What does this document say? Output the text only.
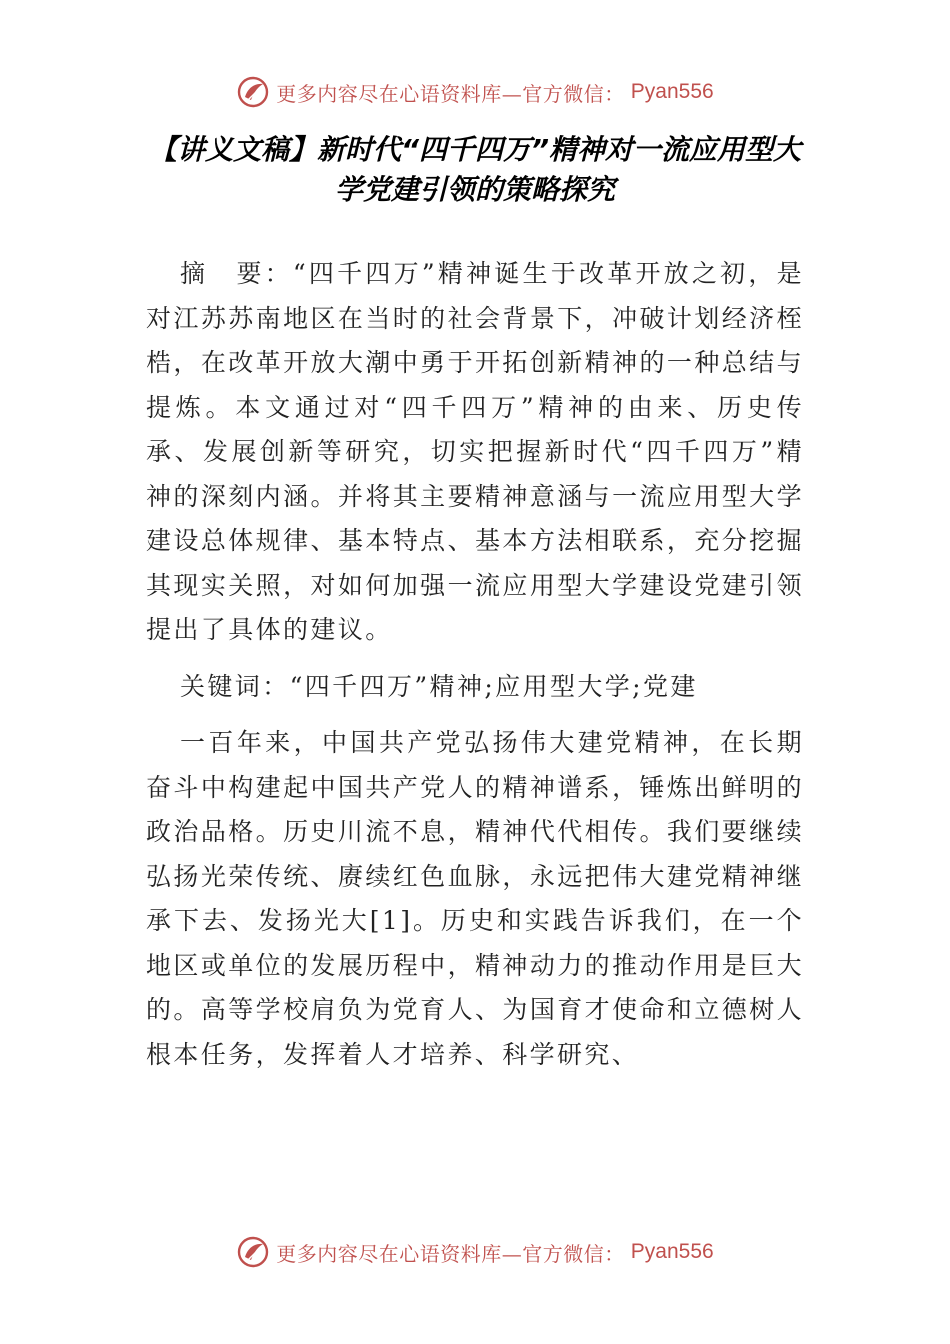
更多内容尽在心语资料库—官方微信： Pyan556
【讲义文稿】新时代“四千四万”精神对一流应用型大
学党建引领的策略探究

摘　要：“四千四万”精神诞生于改革开放之初，是对江苏苏南地区在当时的社会背景下，冲破计划经济桎梏，在改革开放大潮中勇于开拓创新精神的一种总结与提炼。本文通过对“四千四万”精神的由来、历史传承、发展创新等研究，切实把握新时代“四千四万”精神的深刻内涵。并将其主要精神意涵与一流应用型大学建设总体规律、基本特点、基本方法相联系，充分挖掘其现实关照，对如何加强一流应用型大学建设党建引领提出了具体的建议。

关键词：“四千四万”精神;应用型大学;党建

一百年来，中国共产党弘扬伟大建党精神，在长期奋斗中构建起中国共产党人的精神谱系，锤炼出鲜明的政治品格。历史川流不息，精神代代相传。我们要继续弘扬光荣传统、赓续红色血脉，永远把伟大建党精神继承下去、发扬光大[1]。历史和实践告诉我们，在一个地区或单位的发展历程中，精神动力的推动作用是巨大的。高等学校肩负为党育人、为国育才使命和立德树人根本任务，发挥着人才培养、科学研究、

更多内容尽在心语资料库—官方微信： Pyan556
